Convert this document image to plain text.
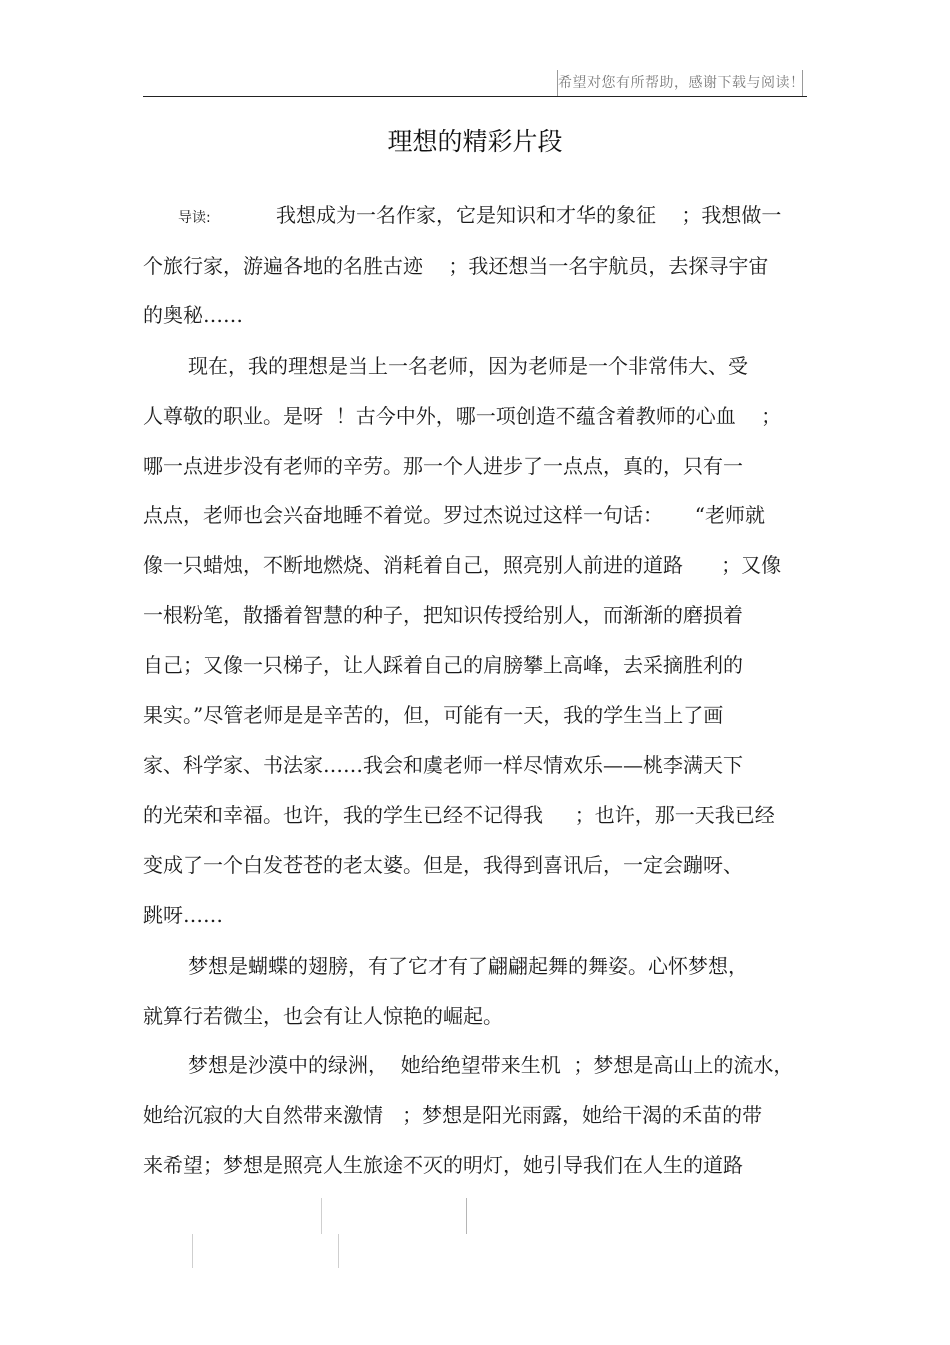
希望对您有所帮助，感谢下载与阅读！
理想的精彩片段
导读:	我想成为一名作家，它是知识和才华的象征    ；我想做一
个旅行家，游遍各地的名胜古迹    ；我还想当一名宇航员，去探寻宇宙
的奥秘……
现在，我的理想是当上一名老师，因为老师是一个非常伟大、受
人尊敬的职业。是呀  ！古今中外，哪一项创造不蕴含着教师的心血    ；
哪一点进步没有老师的辛劳。那一个人进步了一点点，真的，只有一
点点，老师也会兴奋地睡不着觉。罗过杰说过这样一句话：     “老师就
像一只蜡烛，不断地燃烧、消耗着自己，照亮别人前进的道路      ；又像
一根粉笔，散播着智慧的种子，把知识传授给别人，而渐渐的磨损着
自己；又像一只梯子，让人踩着自己的肩膀攀上高峰，去采摘胜利的
果实。”尽管老师是是辛苦的，但，可能有一天，我的学生当上了画
家、科学家、书法家……我会和虞老师一样尽情欢乐——桃李满天下
的光荣和幸福。也许，我的学生已经不记得我     ；也许，那一天我已经
变成了一个白发苍苍的老太婆。但是，我得到喜讯后，一定会蹦呀、
跳呀……
梦想是蝴蝶的翅膀，有了它才有了翩翩起舞的舞姿。心怀梦想，
就算行若微尘，也会有让人惊艳的崛起。
梦想是沙漠中的绿洲，  她给绝望带来生机  ；梦想是高山上的流水，
她给沉寂的大自然带来激情   ；梦想是阳光雨露，她给干渴的禾苗的带
来希望；梦想是照亮人生旅途不灭的明灯，她引导我们在人生的道路
